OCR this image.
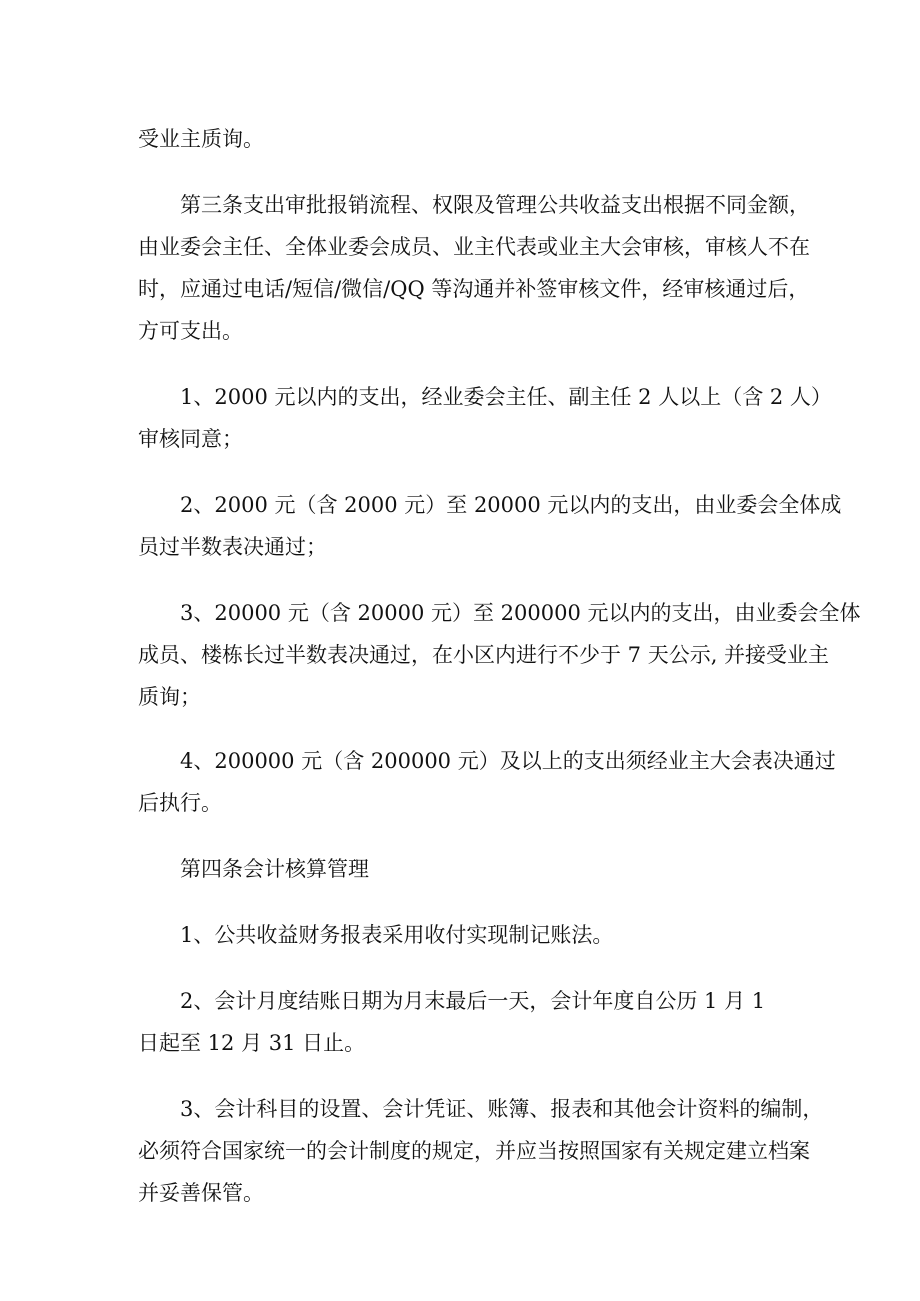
受业主质询。
第三条支出审批报销流程、权限及管理公共收益支出根据不同金额，
由业委会主任、全体业委会成员、业主代表或业主大会审核，审核人不在
时，应通过电话/短信/微信/QQ 等沟通并补签审核文件，经审核通过后，
方可支出。
1、2000 元以内的支出，经业委会主任、副主任 2 人以上（含 2 人）
审核同意；
2、2000 元（含 2000 元）至 20000 元以内的支出，由业委会全体成
员过半数表决通过；
3、20000 元（含 20000 元）至 200000 元以内的支出，由业委会全体
成员、楼栋长过半数表决通过，在小区内进行不少于 7 天公示, 并接受业主
质询；
4、200000 元（含 200000 元）及以上的支出须经业主大会表决通过
后执行。
第四条会计核算管理
1、公共收益财务报表采用收付实现制记账法。
2、会计月度结账日期为月末最后一天，会计年度自公历 1 月 1
日起至 12 月 31 日止。
3、会计科目的设置、会计凭证、账簿、报表和其他会计资料的编制，
必须符合国家统一的会计制度的规定，并应当按照国家有关规定建立档案
并妥善保管。
